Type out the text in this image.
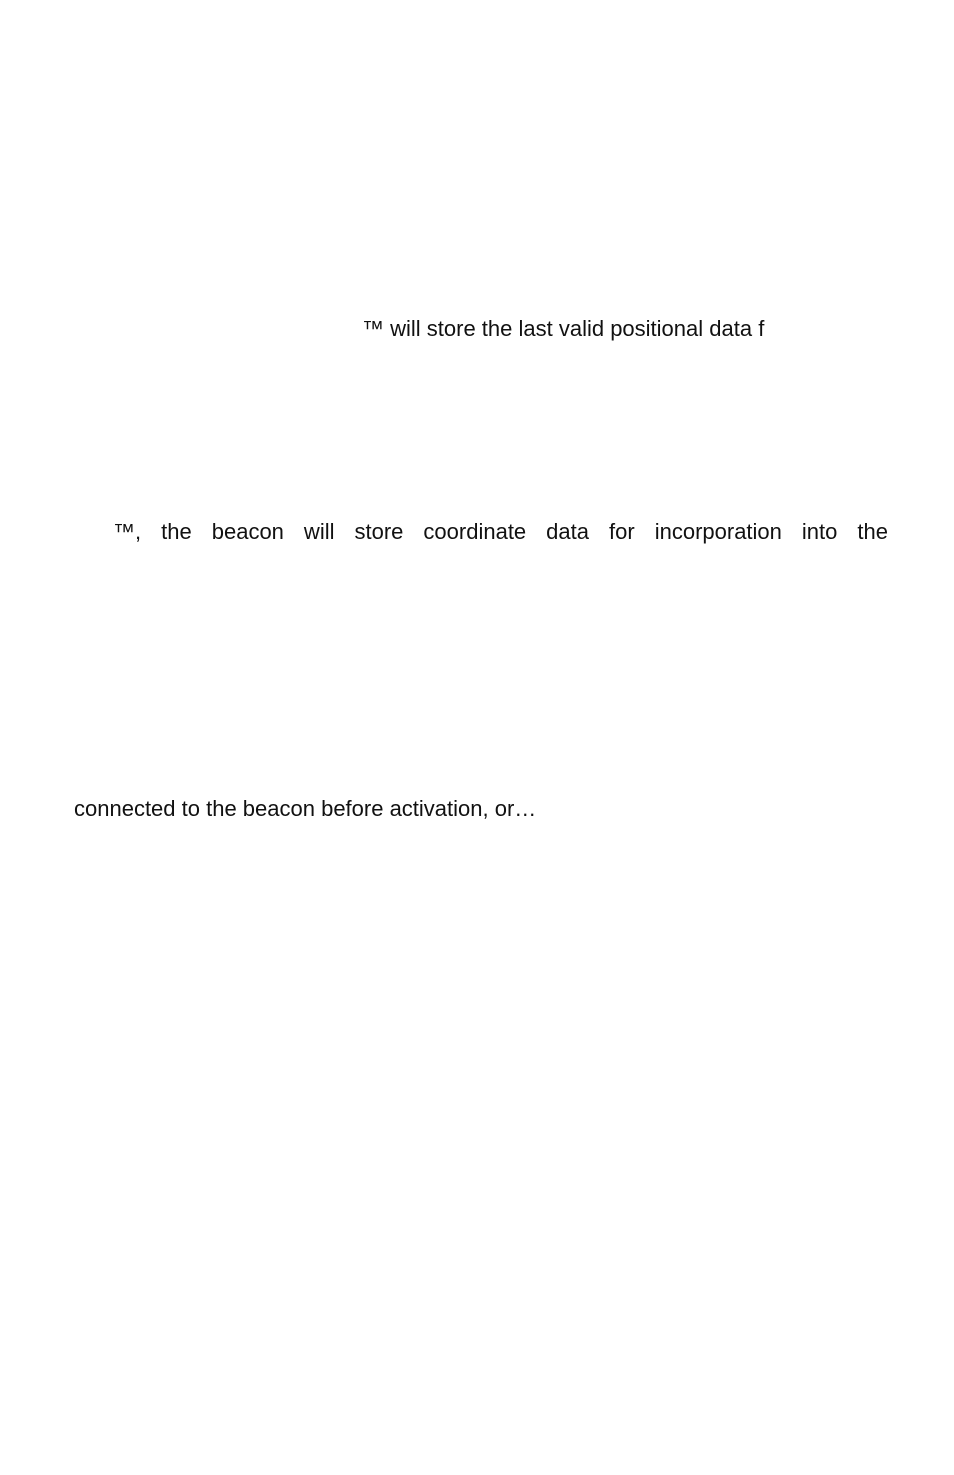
™ will store the last valid positional data f

™, the beacon will store coordinate data for incorporation into the

connected to the beacon before activation, or…
